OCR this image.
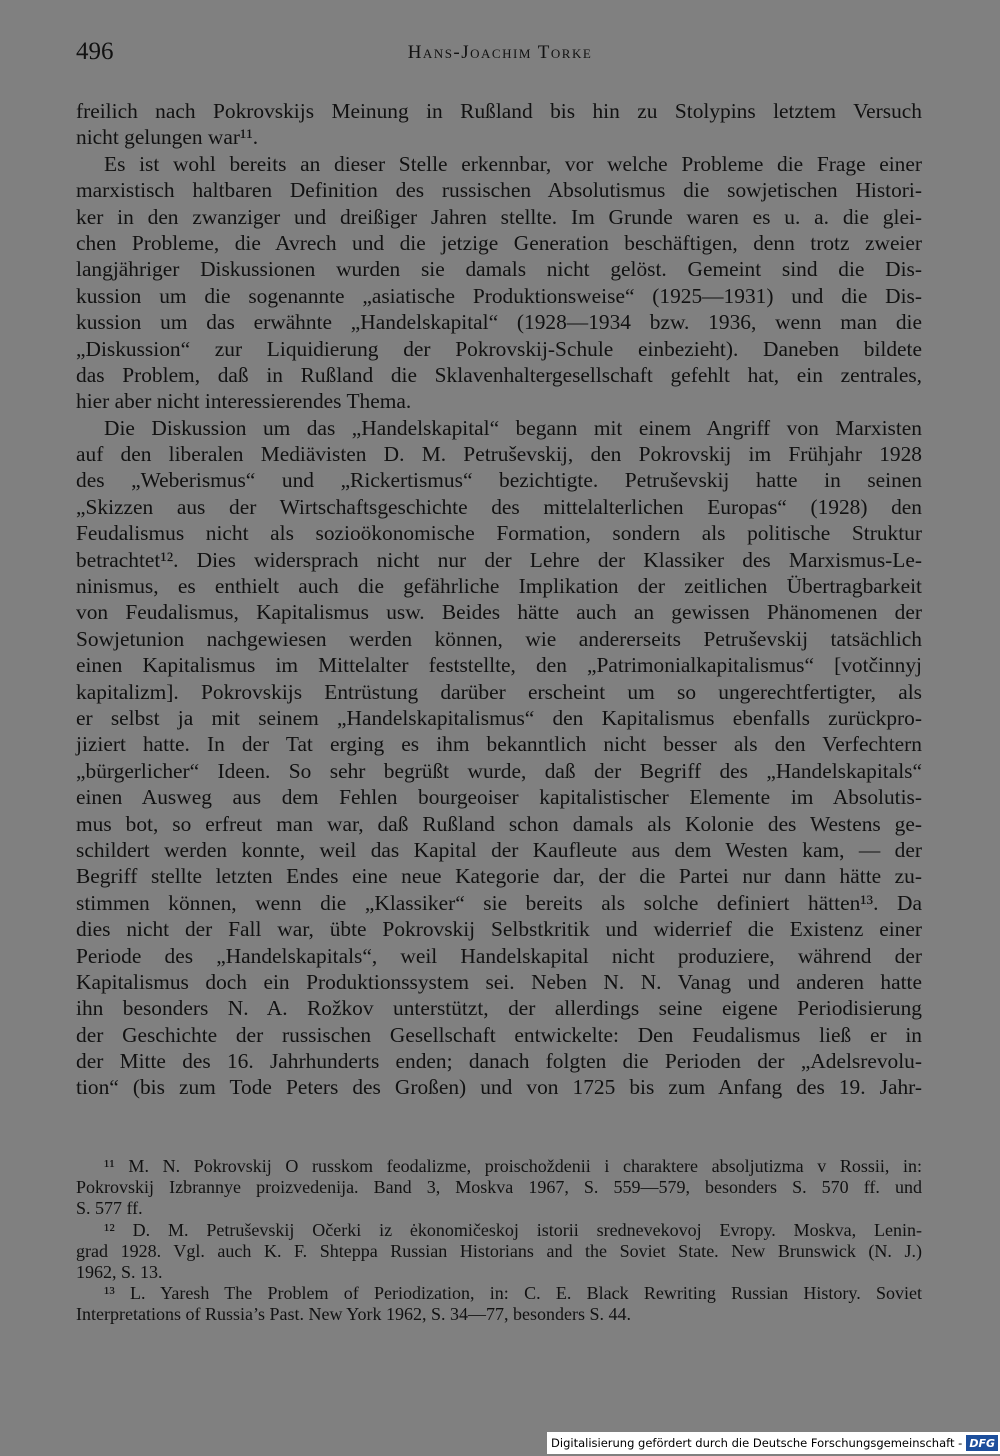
496	Hans-Joachim Torke
freilich nach Pokrovskijs Meinung in Rußland bis hin zu Stolypins letztem Versuch
nicht gelungen war¹¹.
Es ist wohl bereits an dieser Stelle erkennbar, vor welche Probleme die Frage einer
marxistisch haltbaren Definition des russischen Absolutismus die sowjetischen Histori-
ker in den zwanziger und dreißiger Jahren stellte. Im Grunde waren es u. a. die glei-
chen Probleme, die Avrech und die jetzige Generation beschäftigen, denn trotz zweier
langjähriger Diskussionen wurden sie damals nicht gelöst. Gemeint sind die Dis-
kussion um die sogenannte „asiatische Produktionsweise“ (1925—1931) und die Dis-
kussion um das erwähnte „Handelskapital“ (1928—1934 bzw. 1936, wenn man die
„Diskussion“ zur Liquidierung der Pokrovskij-Schule einbezieht). Daneben bildete
das Problem, daß in Rußland die Sklavenhaltergesellschaft gefehlt hat, ein zentrales,
hier aber nicht interessierendes Thema.
Die Diskussion um das „Handelskapital“ begann mit einem Angriff von Marxisten
auf den liberalen Mediävisten D. M. Petruševskij, den Pokrovskij im Frühjahr 1928
des „Weberismus“ und „Rickertismus“ bezichtigte. Petruševskij hatte in seinen
„Skizzen aus der Wirtschaftsgeschichte des mittelalterlichen Europas“ (1928) den
Feudalismus nicht als sozioökonomische Formation, sondern als politische Struktur
betrachtet¹². Dies widersprach nicht nur der Lehre der Klassiker des Marxismus-Le-
ninismus, es enthielt auch die gefährliche Implikation der zeitlichen Übertragbarkeit
von Feudalismus, Kapitalismus usw. Beides hätte auch an gewissen Phänomenen der
Sowjetunion nachgewiesen werden können, wie andererseits Petruševskij tatsächlich
einen Kapitalismus im Mittelalter feststellte, den „Patrimonialkapitalismus“ [votčinnyj
kapitalizm]. Pokrovskijs Entrüstung darüber erscheint um so ungerechtfertigter, als
er selbst ja mit seinem „Handelskapitalismus“ den Kapitalismus ebenfalls zurückpro-
jiziert hatte. In der Tat erging es ihm bekanntlich nicht besser als den Verfechtern
„bürgerlicher“ Ideen. So sehr begrüßt wurde, daß der Begriff des „Handelskapitals“
einen Ausweg aus dem Fehlen bourgeoiser kapitalistischer Elemente im Absolutis-
mus bot, so erfreut man war, daß Rußland schon damals als Kolonie des Westens ge-
schildert werden konnte, weil das Kapital der Kaufleute aus dem Westen kam, — der
Begriff stellte letzten Endes eine neue Kategorie dar, der die Partei nur dann hätte zu-
stimmen können, wenn die „Klassiker“ sie bereits als solche definiert hätten¹³. Da
dies nicht der Fall war, übte Pokrovskij Selbstkritik und widerrief die Existenz einer
Periode des „Handelskapitals“, weil Handelskapital nicht produziere, während der
Kapitalismus doch ein Produktionssystem sei. Neben N. N. Vanag und anderen hatte
ihn besonders N. A. Rožkov unterstützt, der allerdings seine eigene Periodisierung
der Geschichte der russischen Gesellschaft entwickelte: Den Feudalismus ließ er in
der Mitte des 16. Jahrhunderts enden; danach folgten die Perioden der „Adelsrevolu-
tion“ (bis zum Tode Peters des Großen) und von 1725 bis zum Anfang des 19. Jahr-
¹¹ M. N. Pokrovskij O russkom feodalizme, proischoždenii i charaktere absoljutizma v Rossii, in:
Pokrovskij Izbrannye proizvedenija. Band 3, Moskva 1967, S. 559—579, besonders S. 570 ff. und
S. 577 ff.
¹² D. M. Petruševskij Očerki iz ėkonomičeskoj istorii srednevekovoj Evropy. Moskva, Lenin-
grad 1928. Vgl. auch K. F. Shteppa Russian Historians and the Soviet State. New Brunswick (N. J.)
1962, S. 13.
¹³ L. Yaresh The Problem of Periodization, in: C. E. Black Rewriting Russian History. Soviet
Interpretations of Russia’s Past. New York 1962, S. 34—77, besonders S. 44.
Digitalisierung gefördert durch die Deutsche Forschungsgemeinschaft - DFG
